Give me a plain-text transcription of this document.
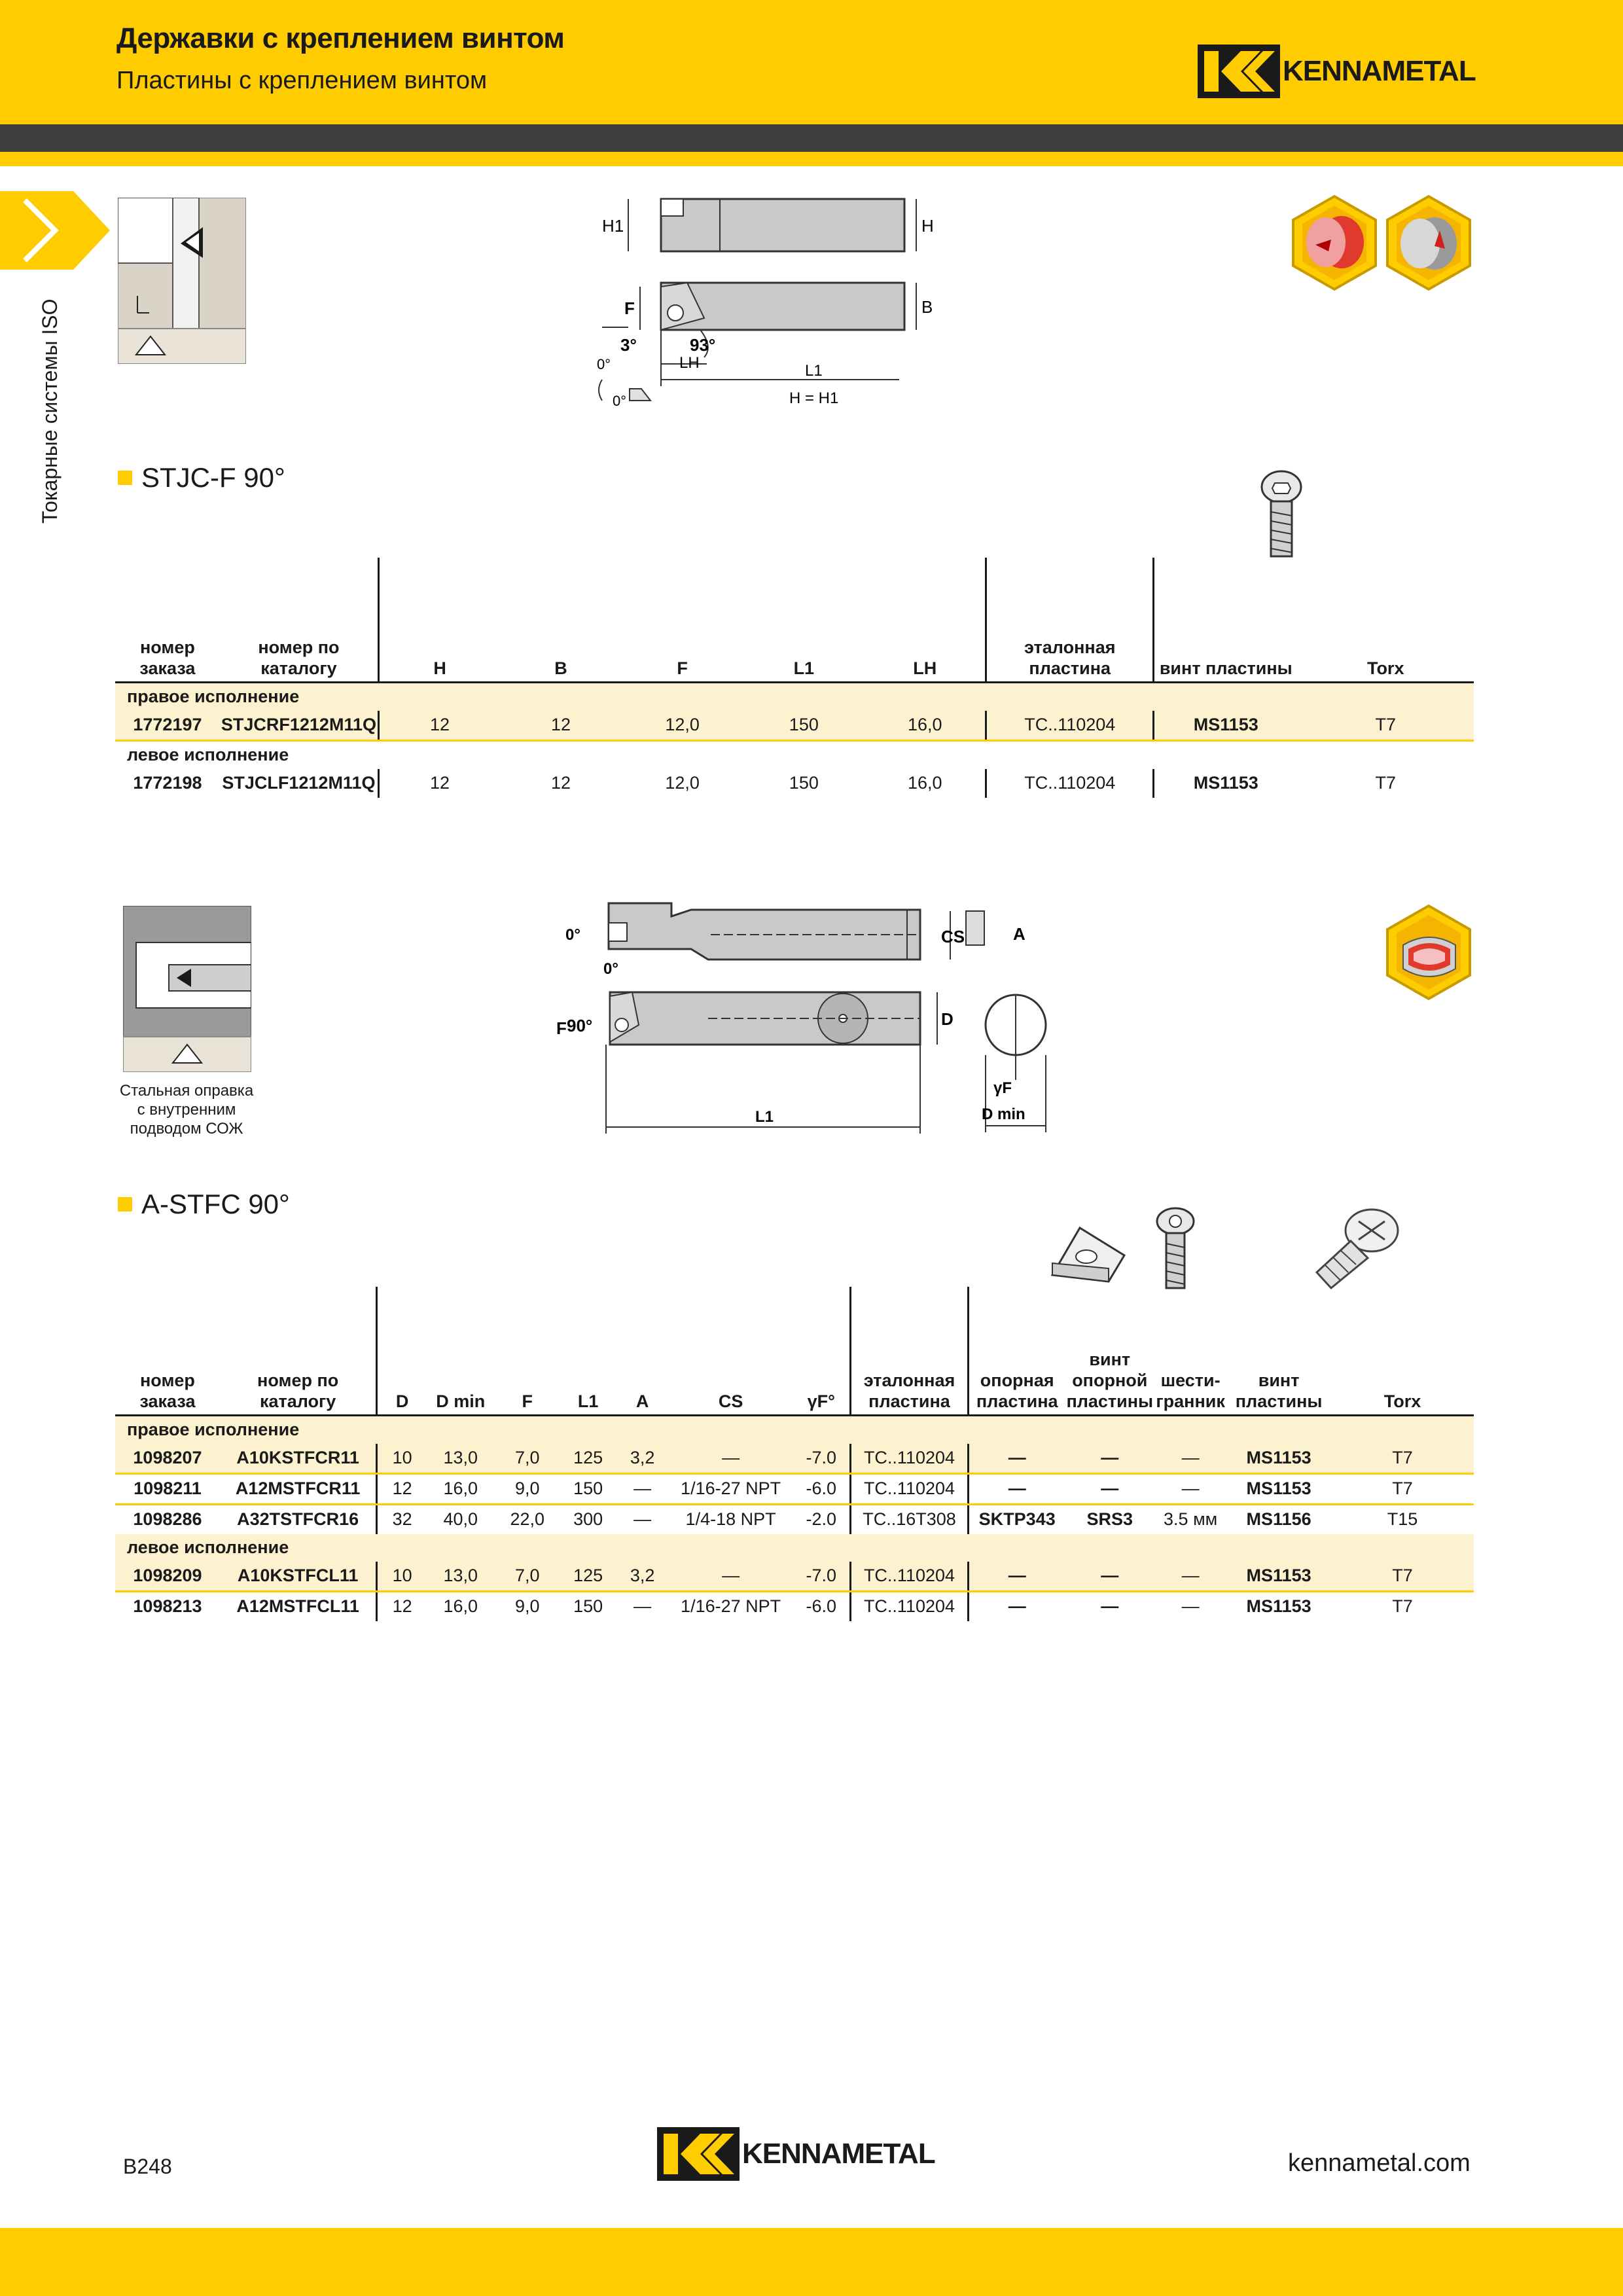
Державки с креплением винтом
Пластины с креплением винтом	KENNAMETAL
Токарные системы ISO
H1	H
F	B
3°	93°
LH	L1
0°
0°	H = H1
STJC-F 90°
номер заказа	номер по каталогу	H	B	F	L1	LH	эталонная пластина	винт пластины	Torx
правое исполнение									
1772197	STJCRF1212M11Q	12	12	12,0	150	16,0	TC..110204	MS1153	T7
левое исполнение									
1772198	STJCLF1212M11Q	12	12	12,0	150	16,0	TC..110204	MS1153	T7
Стальная оправка с внутренним подводом СОЖ
0°
0°
CS	A
D
F 90°
γF
L1	D min
A-STFC 90°
номер заказа	номер по каталогу	D	D min	F	L1	A	CS	γF°	эталонная пластина	опорная пластина	винт опорной пластины	шести- гранник	винт пластины	Torx
правое исполнение														
1098207	A10KSTFCR11	10	13,0	7,0	125	3,2	—	-7.0	TC..110204	—	—	—	MS1153	T7
1098211	A12MSTFCR11	12	16,0	9,0	150	—	1/16-27 NPT	-6.0	TC..110204	—	—	—	MS1153	T7
1098286	A32TSTFCR16	32	40,0	22,0	300	—	1/4-18 NPT	-2.0	TC..16T308	SKTP343	SRS3	3.5 мм	MS1156	T15
левое исполнение														
1098209	A10KSTFCL11	10	13,0	7,0	125	3,2	—	-7.0	TC..110204	—	—	—	MS1153	T7
1098213	A12MSTFCL11	12	16,0	9,0	150	—	1/16-27 NPT	-6.0	TC..110204	—	—	—	MS1153	T7
B248	KENNAMETAL	kennametal.com
